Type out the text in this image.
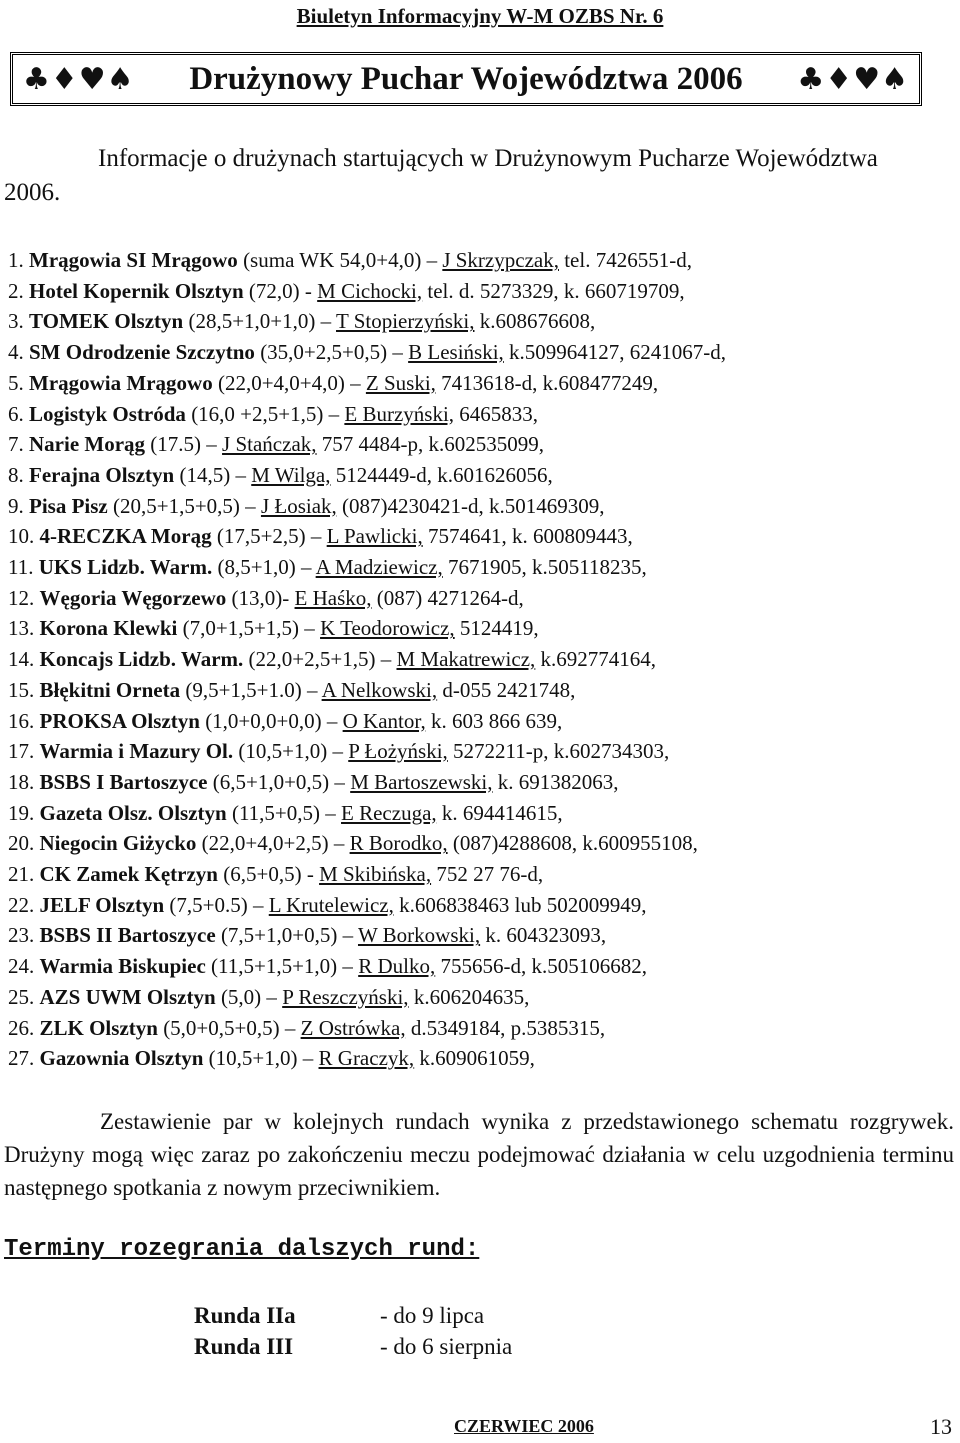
Biuletyn Informacyjny W-M OZBS Nr. 6
♣♦♥♠ Drużynowy Puchar Województwa 2006 ♣♦♥♠
Informacje o drużynach startujących w Drużynowym Pucharze Województwa 2006.
1. Mrągowia SI Mrągowo (suma WK 54,0+4,0) – J Skrzypczak, tel. 7426551-d,
2. Hotel Kopernik Olsztyn (72,0) - M Cichocki, tel. d. 5273329, k. 660719709,
3. TOMEK Olsztyn (28,5+1,0+1,0) – T Stopierzyński, k.608676608,
4. SM Odrodzenie Szczytno (35,0+2,5+0,5) – B Lesiński, k.509964127, 6241067-d,
5. Mrągowia Mrągowo (22,0+4,0+4,0) – Z Suski, 7413618-d, k.608477249,
6. Logistyk Ostróda (16,0 +2,5+1,5) – E Burzyński, 6465833,
7. Narie Morąg (17.5) – J Stańczak, 757 4484-p, k.602535099,
8. Ferajna Olsztyn (14,5) – M Wilga, 5124449-d, k.601626056,
9. Pisa Pisz (20,5+1,5+0,5) – J Łosiak, (087)4230421-d, k.501469309,
10. 4-RECZKA Morąg (17,5+2,5) – L Pawlicki, 7574641, k. 600809443,
11. UKS Lidzb. Warm. (8,5+1,0) – A Madziewicz, 7671905, k.505118235,
12. Węgoria Węgorzewo (13,0)- E Haśko, (087) 4271264-d,
13. Korona Klewki (7,0+1,5+1,5) – K Teodorowicz, 5124419,
14. Koncajs Lidzb. Warm. (22,0+2,5+1,5) – M Makatrewicz, k.692774164,
15. Błękitni Orneta (9,5+1,5+1.0) – A Nelkowski, d-055 2421748,
16. PROKSA Olsztyn (1,0+0,0+0,0) – O Kantor, k. 603 866 639,
17. Warmia i Mazury Ol. (10,5+1,0) – P Łożyński, 5272211-p, k.602734303,
18. BSBS I Bartoszyce (6,5+1,0+0,5) – M Bartoszewski, k. 691382063,
19. Gazeta Olsz. Olsztyn (11,5+0,5) – E Reczuga, k. 694414615,
20. Niegocin Giżycko (22,0+4,0+2,5) – R Borodko, (087)4288608, k.600955108,
21. CK Zamek Kętrzyn (6,5+0,5) - M Skibińska, 752 27 76-d,
22. JELF Olsztyn (7,5+0.5) – L Krutelewicz, k.606838463 lub 502009949,
23. BSBS II Bartoszyce (7,5+1,0+0,5) – W Borkowski, k. 604323093,
24. Warmia Biskupiec (11,5+1,5+1,0) – R Dulko, 755656-d, k.505106682,
25. AZS UWM Olsztyn (5,0) – P Reszczyński, k.606204635,
26. ZLK Olsztyn (5,0+0,5+0,5) – Z Ostrówka, d.5349184, p.5385315,
27. Gazownia Olsztyn (10,5+1,0) – R Graczyk, k.609061059,
Zestawienie par w kolejnych rundach wynika z przedstawionego schematu rozgrywek. Drużyny mogą więc zaraz po zakończeniu meczu podejmować działania w celu uzgodnienia terminu następnego spotkania z nowym przeciwnikiem.
Terminy rozegrania dalszych rund:
Runda IIa	- do 9 lipca
Runda III	- do 6 sierpnia
CZERWIEC 2006	13
